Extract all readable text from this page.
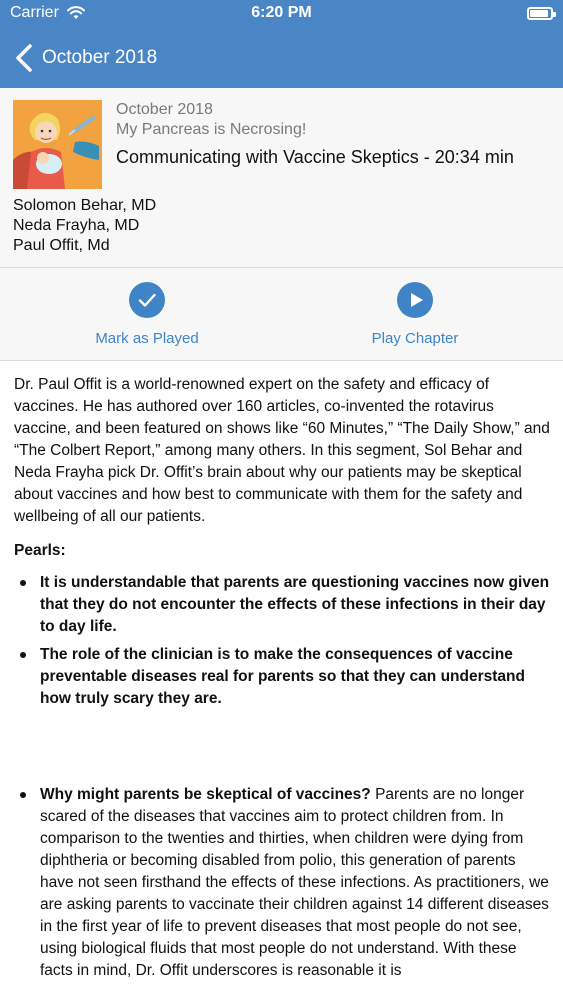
Carrier	6:20 PM
October 2018
October 2018
My Pancreas is Necrosing!
Communicating with Vaccine Skeptics - 20:34 min
Solomon Behar, MD
Neda Frayha, MD
Paul Offit, Md
Mark as Played	Play Chapter

Dr. Paul Offit is a world-renowned expert on the safety and efficacy of vaccines. He has authored over 160 articles, co-invented the rotavirus vaccine, and been featured on shows like “60 Minutes,” “The Daily Show,” and “The Colbert Report,” among many others. In this segment, Sol Behar and Neda Frayha pick Dr. Offit’s brain about why our patients may be skeptical about vaccines and how best to communicate with them for the safety and wellbeing of all our patients.

Pearls:
It is understandable that parents are questioning vaccines now given that they do not encounter the effects of these infections in their day to day life.
The role of the clinician is to make the consequences of vaccine preventable diseases real for parents so that they can understand how truly scary they are.
Why might parents be skeptical of vaccines? Parents are no longer scared of the diseases that vaccines aim to protect children from. In comparison to the twenties and thirties, when children were dying from diphtheria or becoming disabled from polio, this generation of parents have not seen firsthand the effects of these infections. As practitioners, we are asking parents to vaccinate their children against 14 different diseases in the first year of life to prevent diseases that most people do not see, using biological fluids that most people do not understand. With these facts in mind, Dr. Offit underscores is reasonable it is
